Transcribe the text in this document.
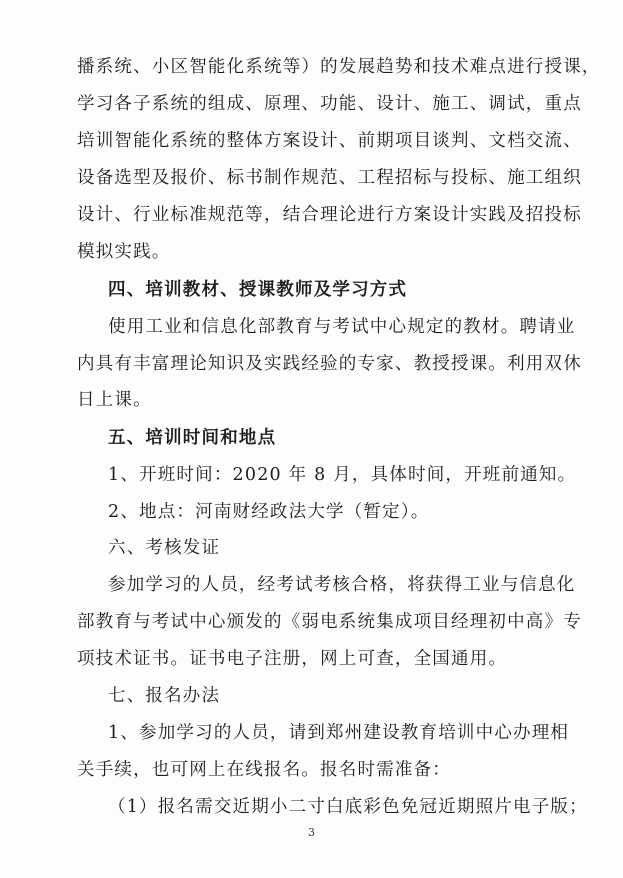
播系统、小区智能化系统等）的发展趋势和技术难点进行授课，
学习各子系统的组成、原理、功能、设计、施工、调试，重点
培训智能化系统的整体方案设计、前期项目谈判、文档交流、
设备选型及报价、标书制作规范、工程招标与投标、施工组织
设计、行业标准规范等，结合理论进行方案设计实践及招投标
模拟实践。
四、培训教材、授课教师及学习方式
使用工业和信息化部教育与考试中心规定的教材。聘请业
内具有丰富理论知识及实践经验的专家、教授授课。利用双休
日上课。
五、培训时间和地点
1、开班时间：2020 年 8 月，具体时间，开班前通知。
2、地点：河南财经政法大学（暂定）。
六、考核发证
参加学习的人员，经考试考核合格，将获得工业与信息化
部教育与考试中心颁发的《弱电系统集成项目经理初中高》专
项技术证书。证书电子注册，网上可查，全国通用。
七、报名办法
1、参加学习的人员，请到郑州建设教育培训中心办理相
关手续，也可网上在线报名。报名时需准备：
（1）报名需交近期小二寸白底彩色免冠近期照片电子版；
3
